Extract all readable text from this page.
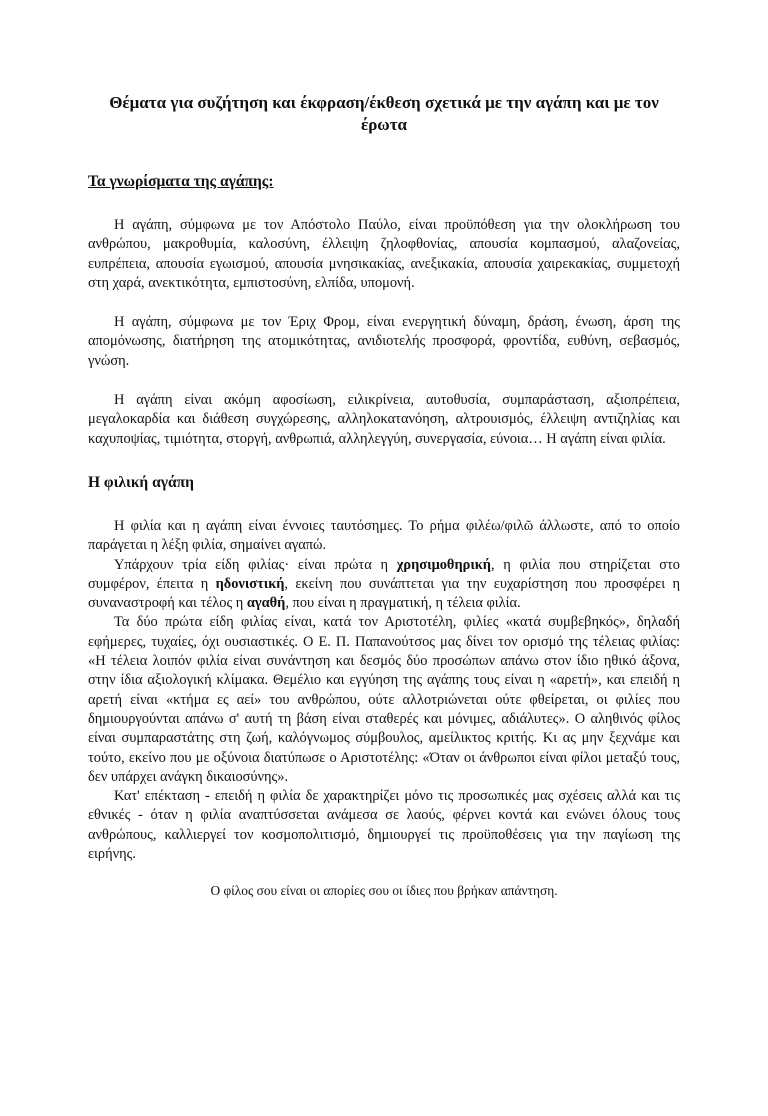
Θέματα για συζήτηση και έκφραση/έκθεση σχετικά με την αγάπη και με τον έρωτα
Τα γνωρίσματα της αγάπης:

Η αγάπη, σύμφωνα με τον Απόστολο Παύλο, είναι προϋπόθεση για την ολοκλήρωση του ανθρώπου, μακροθυμία, καλοσύνη, έλλειψη ζηλοφθονίας, απουσία κομπασμού, αλαζονείας, ευπρέπεια, απουσία εγωισμού, απουσία μνησικακίας, ανεξικακία, απουσία χαιρεκακίας, συμμετοχή στη χαρά, ανεκτικότητα, εμπιστοσύνη, ελπίδα, υπομονή.

Η αγάπη, σύμφωνα με τον Έριχ Φρομ, είναι ενεργητική δύναμη, δράση, ένωση, άρση της απομόνωσης, διατήρηση της ατομικότητας, ανιδιοτελής προσφορά, φροντίδα, ευθύνη, σεβασμός, γνώση.

Η αγάπη είναι ακόμη αφοσίωση, ειλικρίνεια, αυτοθυσία, συμπαράσταση, αξιοπρέπεια, μεγαλοκαρδία και διάθεση συγχώρεσης, αλληλοκατανόηση, αλτρουισμός, έλλειψη αντιζηλίας και καχυποψίας, τιμιότητα, στοργή, ανθρωπιά, αλληλεγγύη, συνεργασία, εύνοια… Η αγάπη είναι φιλία.

Η φιλική αγάπη

Η φιλία και η αγάπη είναι έννοιες ταυτόσημες. Το ρήμα φιλέω/φιλῶ άλλωστε, από το οποίο παράγεται η λέξη φιλία, σημαίνει αγαπώ.

Υπάρχουν τρία είδη φιλίας· είναι πρώτα η χρησιμοθηρική, η φιλία που στηρίζεται στο συμφέρον, έπειτα η ηδονιστική, εκείνη που συνάπτεται για την ευχαρίστηση που προσφέρει η συναναστροφή και τέλος η αγαθή, που είναι η πραγματική, η τέλεια φιλία.

Τα δύο πρώτα είδη φιλίας είναι, κατά τον Αριστοτέλη, φιλίες «κατά συμβεβηκός», δηλαδή εφήμερες, τυχαίες, όχι ουσιαστικές. Ο Ε. Π. Παπανούτσος μας δίνει τον ορισμό της τέλειας φιλίας: «Η τέλεια λοιπόν φιλία είναι συνάντηση και δεσμός δύο προσώπων απάνω στον ίδιο ηθικό άξονα, στην ίδια αξιολογική κλίμακα. Θεμέλιο και εγγύηση της αγάπης τους είναι η «αρετή», και επειδή η αρετή είναι «κτήμα ες αεί» του ανθρώπου, ούτε αλλοτριώνεται ούτε φθείρεται, οι φιλίες που δημιουργούνται απάνω σ' αυτή τη βάση είναι σταθερές και μόνιμες, αδιάλυτες». Ο αληθινός φίλος είναι συμπαραστάτης στη ζωή, καλόγνωμος σύμβουλος, αμείλικτος κριτής. Κι ας μην ξεχνάμε και τούτο, εκείνο που με οξύνοια διατύπωσε ο Αριστοτέλης: «Όταν οι άνθρωποι είναι φίλοι μεταξύ τους, δεν υπάρχει ανάγκη δικαιοσύνης».

Κατ' επέκταση - επειδή η φιλία δε χαρακτηρίζει μόνο τις προσωπικές μας σχέσεις αλλά και τις εθνικές - όταν η φιλία αναπτύσσεται ανάμεσα σε λαούς, φέρνει κοντά και ενώνει όλους τους ανθρώπους, καλλιεργεί τον κοσμοπολιτισμό, δημιουργεί τις προϋποθέσεις για την παγίωση της ειρήνης.

Ο φίλος σου είναι οι απορίες σου οι ίδιες που βρήκαν απάντηση.
